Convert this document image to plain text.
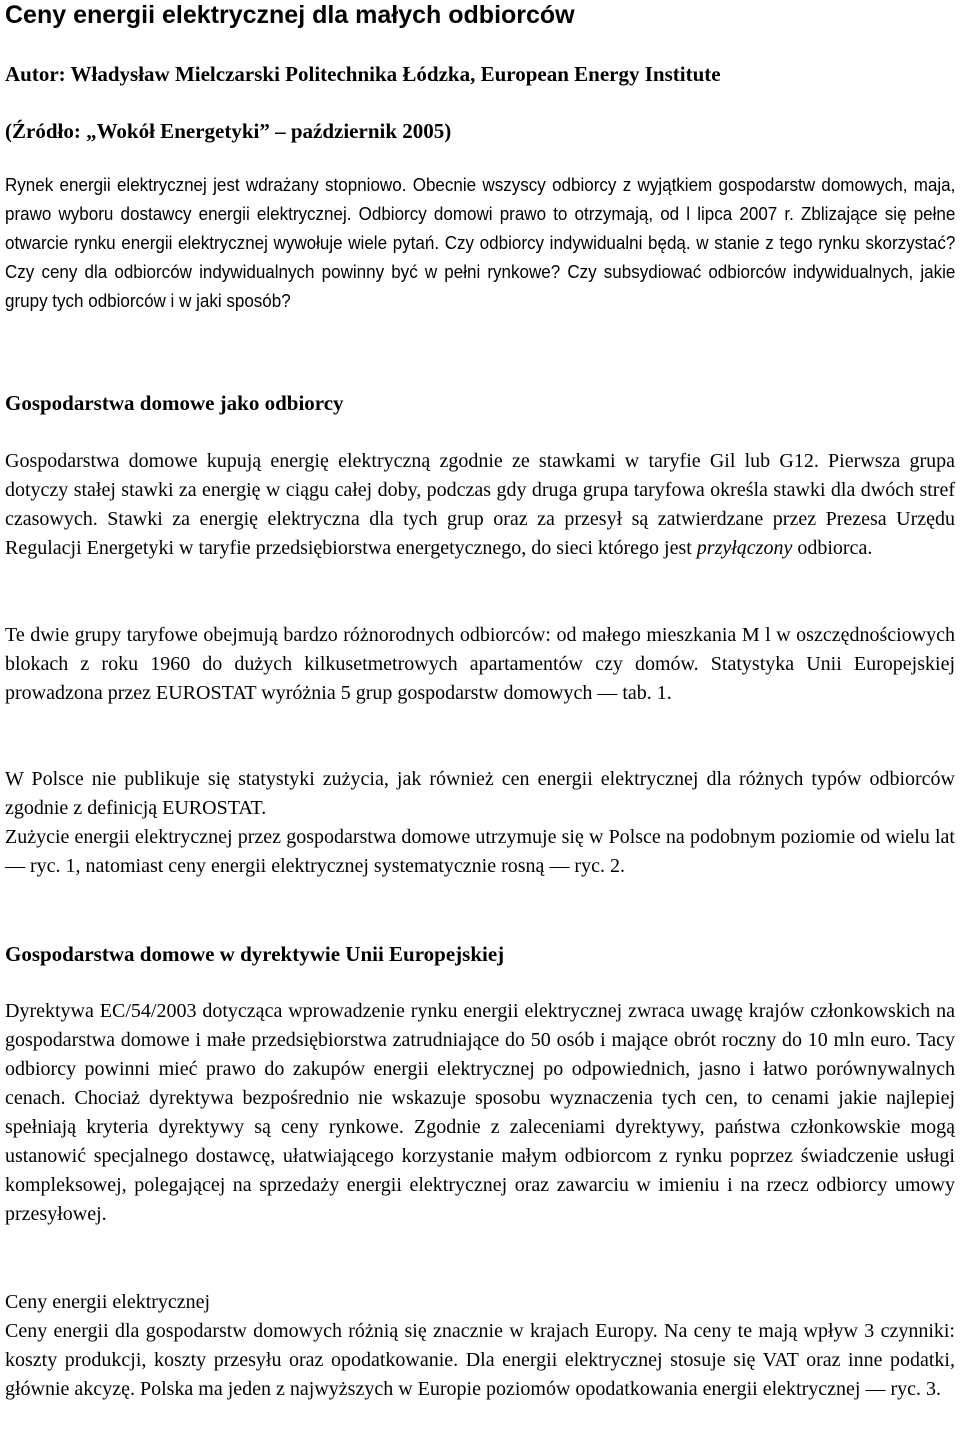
Ceny energii elektrycznej dla małych odbiorców

Autor: Władysław Mielczarski Politechnika Łódzka, European Energy Institute

(Źródło: „Wokół Energetyki” – październik 2005)

Rynek energii elektrycznej jest wdrażany stopniowo. Obecnie wszyscy odbiorcy z wyjątkiem gospodarstw domowych, maja, prawo wyboru dostawcy energii elektrycznej. Odbiorcy domowi prawo to otrzymają, od l lipca 2007 r. Zblizające się pełne otwarcie rynku energii elektrycznej wywołuje wiele pytań. Czy odbiorcy indywidualni będą. w stanie z tego rynku skorzystać? Czy ceny dla odbiorców indywidualnych powinny być w pełni rynkowe? Czy subsydiować odbiorców indywidualnych, jakie grupy tych odbiorców i w jaki sposób?

Gospodarstwa domowe jako odbiorcy

Gospodarstwa domowe kupują energię elektryczną zgodnie ze stawkami w taryfie Gil lub G12. Pierwsza grupa dotyczy stałej stawki za energię w ciągu całej doby, podczas gdy druga grupa taryfowa określa stawki dla dwóch stref czasowych. Stawki za energię elektryczna dla tych grup oraz za przesył są zatwierdzane przez Prezesa Urzędu Regulacji Energetyki w taryfie przedsiębiorstwa energetycznego, do sieci którego jest przyłączony odbiorca.

Te dwie grupy taryfowe obejmują bardzo różnorodnych odbiorców: od małego mieszkania M l w oszczędnościowych blokach z roku 1960 do dużych kilkusetmetrowych apartamentów czy domów. Statystyka Unii Europejskiej prowadzona przez EUROSTAT wyróżnia 5 grup gospodarstw domowych — tab. 1.

W Polsce nie publikuje się statystyki zużycia, jak również cen energii elektrycznej dla różnych typów odbiorców zgodnie z definicją EUROSTAT.

Zużycie energii elektrycznej przez gospodarstwa domowe utrzymuje się w Polsce na podobnym poziomie od wielu lat — ryc. 1, natomiast ceny energii elektrycznej systematycznie rosną — ryc. 2.

Gospodarstwa domowe w dyrektywie Unii Europejskiej

Dyrektywa EC/54/2003 dotycząca wprowadzenie rynku energii elektrycznej zwraca uwagę krajów członkowskich na gospodarstwa domowe i małe przedsiębiorstwa zatrudniające do 50 osób i mające obrót roczny do 10 mln euro. Tacy odbiorcy powinni mieć prawo do zakupów energii elektrycznej po odpowiednich, jasno i łatwo porównywalnych cenach. Chociaż dyrektywa bezpośrednio nie wskazuje sposobu wyznaczenia tych cen, to cenami jakie najlepiej spełniają kryteria dyrektywy są ceny rynkowe. Zgodnie z zaleceniami dyrektywy, państwa członkowskie mogą ustanowić specjalnego dostawcę, ułatwiającego korzystanie małym odbiorcom z rynku poprzez świadczenie usługi kompleksowej, polegającej na sprzedaży energii elektrycznej oraz zawarciu w imieniu i na rzecz odbiorcy umowy przesyłowej.

Ceny energii elektrycznej

Ceny energii dla gospodarstw domowych różnią się znacznie w krajach Europy. Na ceny te mają wpływ 3 czynniki: koszty produkcji, koszty przesyłu oraz opodatkowanie. Dla energii elektrycznej stosuje się VAT oraz inne podatki, głównie akcyzę. Polska ma jeden z najwyższych w Europie poziomów opodatkowania energii elektrycznej — ryc. 3.
